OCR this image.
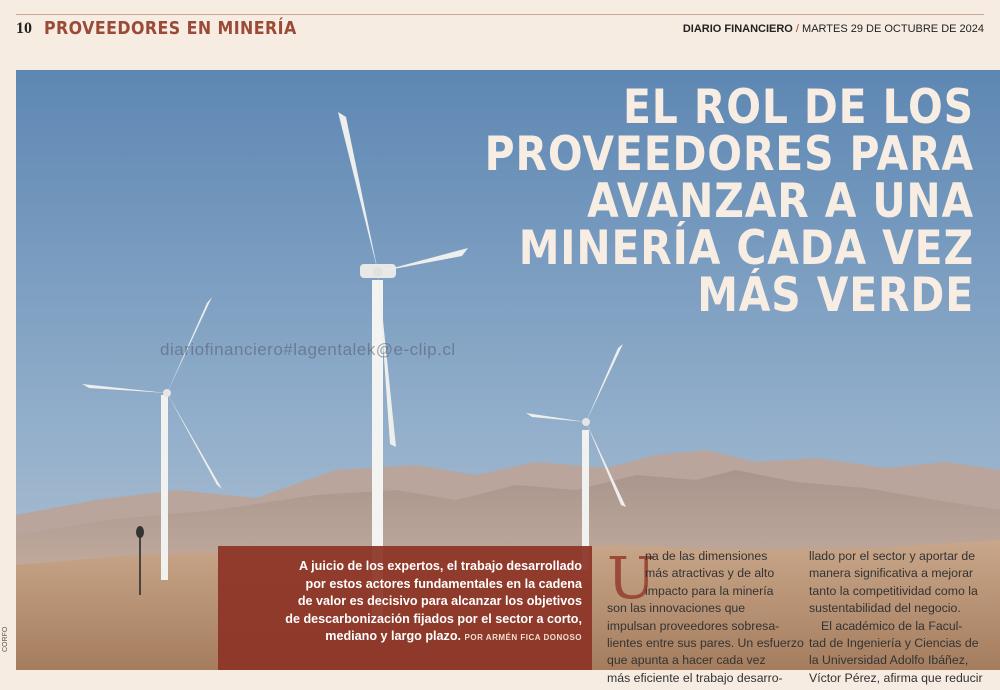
10 PROVEEDORES EN MINERÍA	DIARIO FINANCIERO / MARTES 29 DE OCTUBRE DE 2024
EL ROL DE LOS
PROVEEDORES PARA
AVANZAR A UNA
MINERÍA CADA VEZ
MÁS VERDE
diariofinanciero#lagentalek@e-clip.cl
CORFO
A juicio de los expertos, el trabajo desarrollado
por estos actores fundamentales en la cadena
de valor es decisivo para alcanzar los objetivos
de descarbonización fijados por el sector a corto,
mediano y largo plazo. POR ARMÉN FICA DONOSO
U
na de las dimensiones
más atractivas y de alto
impacto para la minería
son las innovaciones que
impulsan proveedores sobresa-
lientes entre sus pares. Un esfuerzo
que apunta a hacer cada vez
más eficiente el trabajo desarro-
llado por el sector y aportar de
manera significativa a mejorar
tanto la competitividad como la
sustentabilidad del negocio.
El académico de la Facul-
tad de Ingeniería y Ciencias de
la Universidad Adolfo Ibáñez,
Víctor Pérez, afirma que reducir
